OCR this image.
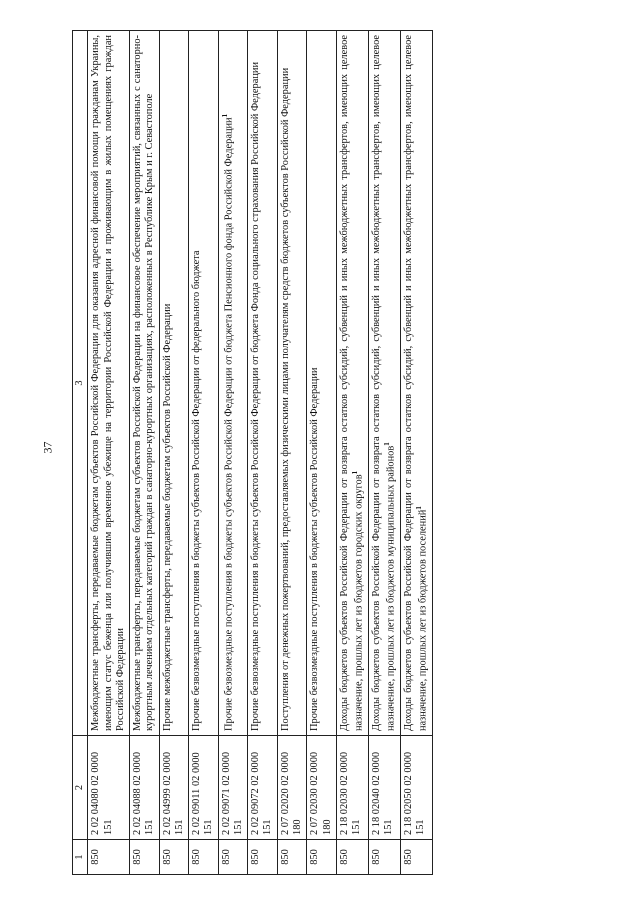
37
1	2	3
850	2 02 04080 02 0000 151	Межбюджетные трансферты, передаваемые бюджетам субъектов Российской Федерации для оказания адресной финансовой помощи гражданам Украины, имеющим статус беженца или получившим временное убежище на территории Российской Федерации и проживающим в жилых помещениях граждан Российской Федерации
850	2 02 04088 02 0000 151	Межбюджетные трансферты, передаваемые бюджетам субъектов Российской Федерации на финансовое обеспечение мероприятий, связанных с санаторно-курортным лечением отдельных категорий граждан в санаторно-курортных организациях, расположенных в Республике Крым и г. Севастополе
850	2 02 04999 02 0000 151	Прочие межбюджетные трансферты, передаваемые бюджетам субъектов Российской Федерации
850	2 02 09011 02 0000 151	Прочие безвозмездные поступления в бюджеты субъектов Российской Федерации от федерального бюджета
850	2 02 09071 02 0000 151	Прочие безвозмездные поступления в бюджеты субъектов Российской Федерации от бюджета Пенсионного фонда Российской Федерации$^1$
850	2 02 09072 02 0000 151	Прочие безвозмездные поступления в бюджеты субъектов Российской Федерации от бюджета Фонда социального страхования Российской Федерации
850	2 07 02020 02 0000 180	Поступления от денежных пожертвований, предоставляемых физическими лицами получателям средств бюджетов субъектов Российской Федерации
850	2 07 02030 02 0000 180	Прочие безвозмездные поступления в бюджеты субъектов Российской Федерации
850	2 18 02030 02 0000 151	Доходы бюджетов субъектов Российской Федерации от возврата остатков субсидий, субвенций и иных межбюджетных трансфертов, имеющих целевое назначение, прошлых лет из бюджетов городских округов$^1$
850	2 18 02040 02 0000 151	Доходы бюджетов субъектов Российской Федерации от возврата остатков субсидий, субвенций и иных межбюджетных трансфертов, имеющих целевое назначение, прошлых лет из бюджетов муниципальных районов$^1$
850	2 18 02050 02 0000 151	Доходы бюджетов субъектов Российской Федерации от возврата остатков субсидий, субвенций и иных межбюджетных трансфертов, имеющих целевое назначение, прошлых лет из бюджетов поселений$^1$
